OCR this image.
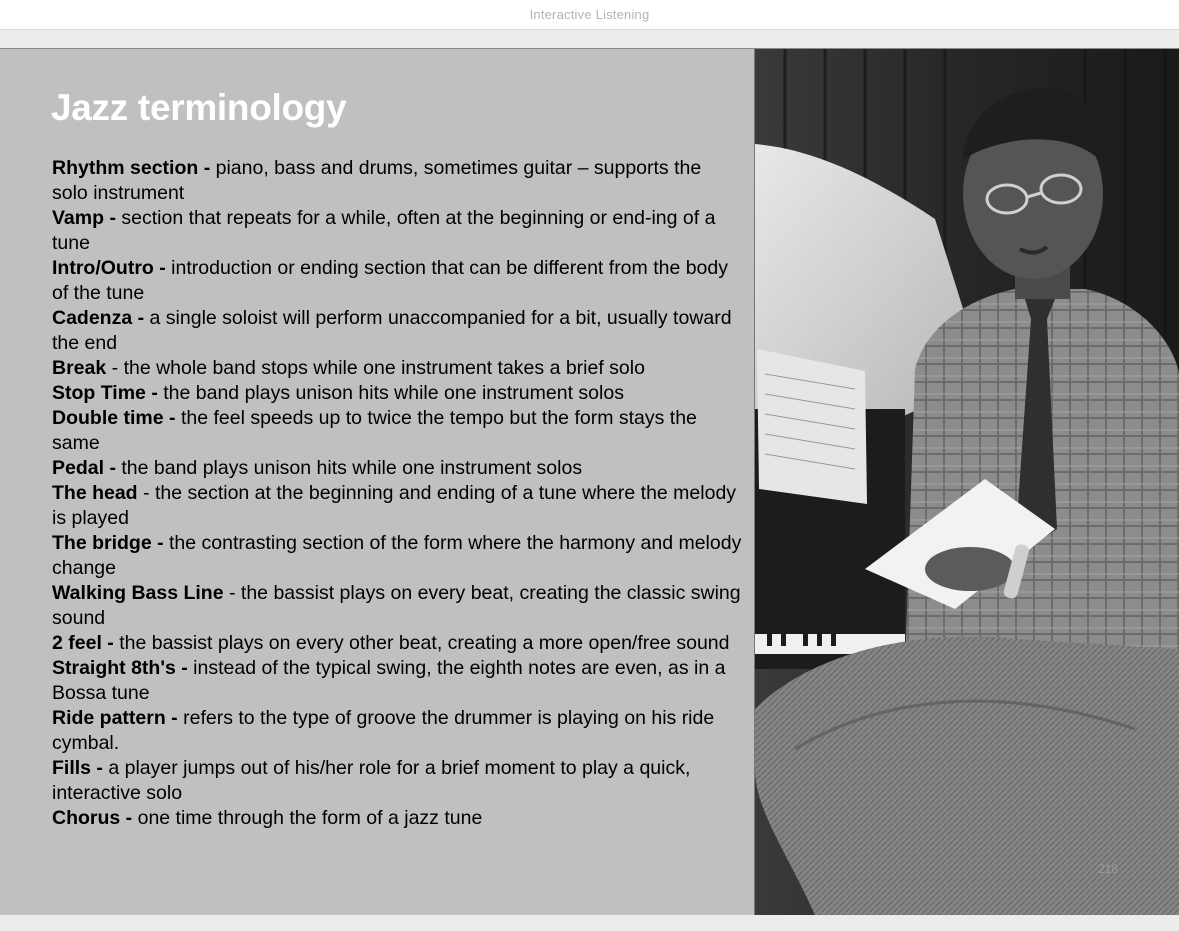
Interactive Listening
Jazz terminology
Rhythm section - piano, bass and drums, sometimes guitar – supports the solo instrument
Vamp - section that repeats for a while, often at the beginning or end-ing of a tune
Intro/Outro - introduction or ending section that can be different from the body of the tune
Cadenza - a single soloist will perform unaccompanied for a bit, usually toward the end
Break - the whole band stops while one instrument takes a brief solo
Stop Time - the band plays unison hits while one instrument solos
Double time - the feel speeds up to twice the tempo but the form stays the same
Pedal - the band plays unison hits while one instrument solos
The head - the section at the beginning and ending of a tune where the melody is played
The bridge - the contrasting section of the form where the harmony and melody change
Walking Bass Line - the bassist plays on every beat, creating the classic swing sound
2 feel - the bassist plays on every other beat, creating a more open/free sound
Straight 8th's - instead of the typical swing, the eighth notes are even, as in a Bossa tune
Ride pattern - refers to the type of groove the drummer is playing on his ride cymbal.
Fills - a player jumps out of his/her role for a brief moment to play a quick, interactive solo
Chorus - one time through the form of a jazz tune
218
